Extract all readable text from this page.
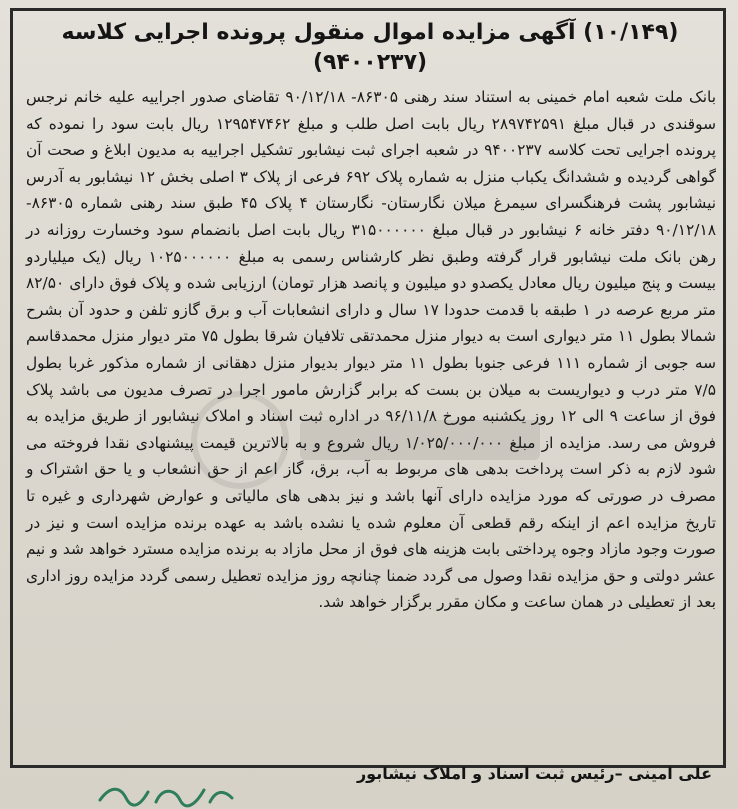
(۱۰/۱۴۹) آگهی مزایده اموال منقول پرونده اجرایی کلاسه
(۹۴۰۰۲۳۷)
بانک ملت شعبه امام خمینی به استناد سند رهنی ۸۶۳۰۵- ۹۰/۱۲/۱۸ تقاضای صدور اجراییه علیه خانم نرجس سوقندی در قبال مبلغ ۲۸۹۷۴۲۵۹۱ ریال بابت اصل طلب و مبلغ ۱۲۹۵۴۷۴۶۲ ریال بابت سود را نموده که پرونده اجرایی تحت کلاسه ۹۴۰۰۲۳۷ در شعبه اجرای ثبت نیشابور تشکیل اجراییه به مدیون ابلاغ و صحت آن گواهی گردیده و ششدانگ یکباب منزل به شماره پلاک ۶۹۲ فرعی از پلاک ۳ اصلی بخش ۱۲ نیشابور به آدرس نیشابور پشت فرهنگسرای سیمرغ میلان نگارستان- نگارستان ۴ پلاک ۴۵ طبق سند رهنی شماره ۸۶۳۰۵- ۹۰/۱۲/۱۸ دفتر خانه ۶ نیشابور در قبال مبلغ ۳۱۵۰۰۰۰۰۰ ریال بابت اصل بانضمام سود وخسارت روزانه در رهن بانک ملت نیشابور قرار گرفته وطبق نظر کارشناس رسمی به مبلغ ۱۰۲۵۰۰۰۰۰۰ ریال (یک میلیاردو بیست و پنج میلیون ریال معادل یکصدو دو میلیون و پانصد هزار تومان) ارزیابی شده و پلاک فوق دارای ۸۲/۵۰ متر مربع عرصه در ۱ طبقه با قدمت حدودا ۱۷ سال و دارای انشعابات آب و برق گازو تلفن و حدود آن بشرح شمالا بطول ۱۱ متر دیواری است به دیوار منزل محمدتقی تلافیان شرقا بطول ۷۵ متر دیوار منزل محمدقاسم سه جوبی از شماره ۱۱۱ فرعی جنوبا بطول ۱۱ متر دیوار بدیوار منزل دهقانی از شماره مذکور غربا بطول ۷/۵ متر درب و دیواریست به میلان بن بست که برابر گزارش مامور اجرا در تصرف مدیون می باشد پلاک فوق از ساعت ۹ الی ۱۲ روز یکشنبه مورخ ۹۶/۱۱/۸ در اداره ثبت اسناد و املاک نیشابور از طریق مزایده به فروش می رسد. مزایده از مبلغ ۱/۰۲۵/۰۰۰/۰۰۰ ریال شروع و به بالاترین قیمت پیشنهادی نقدا فروخته می شود لازم به ذکر است پرداخت بدهی های مربوط به آب، برق، گاز اعم از حق انشعاب و یا حق اشتراک و مصرف در صورتی که مورد مزایده دارای آنها باشد و نیز بدهی های مالیاتی و عوارض شهرداری و غیره تا تاریخ مزایده اعم از اینکه رقم قطعی آن معلوم شده یا نشده باشد به عهده برنده مزایده است و نیز در صورت وجود مازاد وجوه پرداختی بابت هزینه های فوق از محل مازاد به برنده مزایده مسترد خواهد شد و نیم عشر دولتی و حق مزایده نقدا وصول می گردد ضمنا چنانچه روز مزایده تعطیل رسمی گردد مزایده روز اداری بعد از تعطیلی در همان ساعت و مکان مقرر برگزار خواهد شد.
علی امینی –رئیس ثبت اسناد و املاک نیشابور
